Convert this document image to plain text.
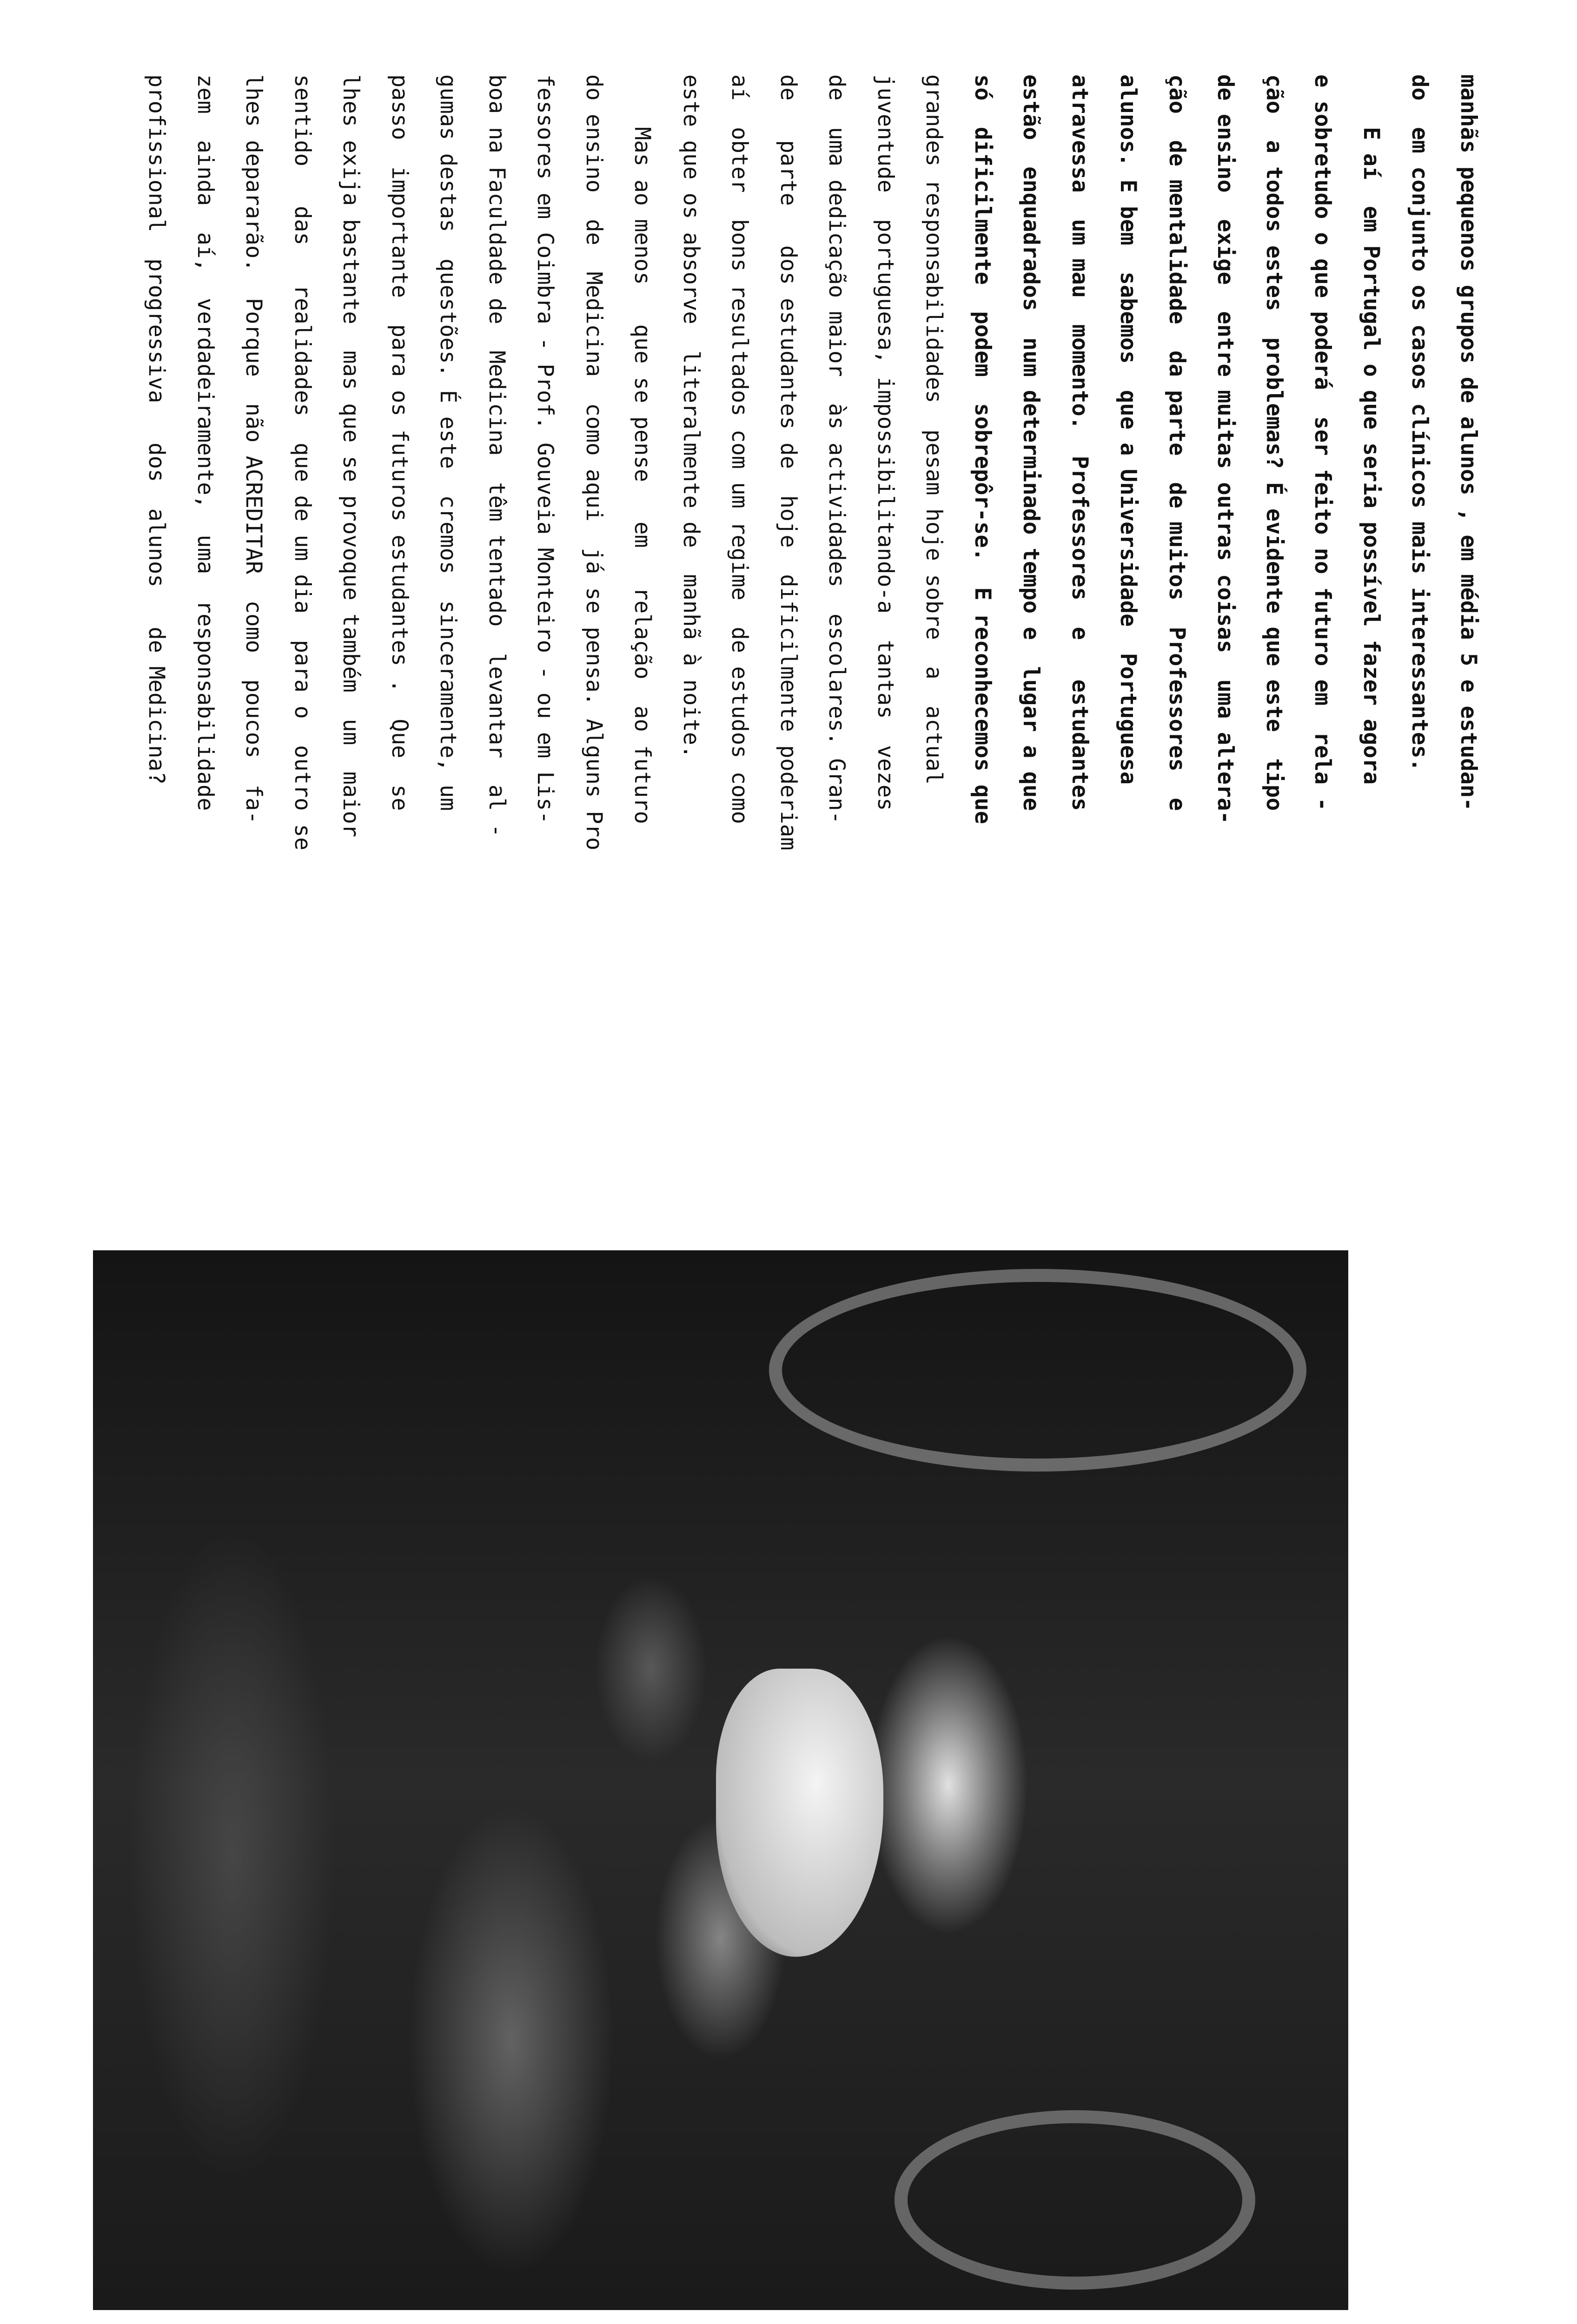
manhãs pequenos grupos de alunos , em média 5 e estudan-
do  em conjunto os casos clínicos mais interessantes.
E aí  em Portugal o que seria possível fazer agora
e sobretudo o que poderá  ser feito no futuro em  rela -
ção  a todos estes  problemas? É evidente que este  tipo
de ensino  exige  entre muitas outras coisas  uma altera-
ção  de mentalidade  da parte  de muitos  Professores  e
alunos. E bem  sabemos  que a Universidade  Portuguesa
atravessa  um mau  momento.  Professores  e   estudantes
estão  enquadrados  num determinado tempo e  lugar a que
só  dificilmente  podem  sobrepôr-se.  E reconhecemos que
grandes responsabilidades  pesam hoje sobre  a  actual
juventude  portuguesa, impossibilitando-a  tantas  vezes
de  uma dedicação maior  às actividades  escolares. Gran-
de   parte   dos estudantes de  hoje  dificilmente poderiam
aí  obter  bons resultados com um regime  de estudos como
este que os absorve  literalmente de  manhã à noite.
Mas ao menos   que se pense   em   relação  ao futuro
do ensino  de  Medicina  como aqui  já se pensa. Alguns Pro
fessores em Coimbra - Prof. Gouveia Monteiro - ou em Lis-
boa na Faculdade de  Medicina  têm tentado  levantar  al -
gumas destas  questões. É este  cremos  sinceramente, um
passo  importante  para os futuros estudantes .  Que  se
lhes exija bastante  mas que se provoque também  um  maior
sentido   das   realidades  que de um dia  para o  outro se
lhes depararão.  Porque  não ACREDITAR  como  poucos  fa-
zem  ainda  aí,  verdadeiramente,  uma  responsabilidade
profissional  progressiva   dos  alunos   de Medicina?
